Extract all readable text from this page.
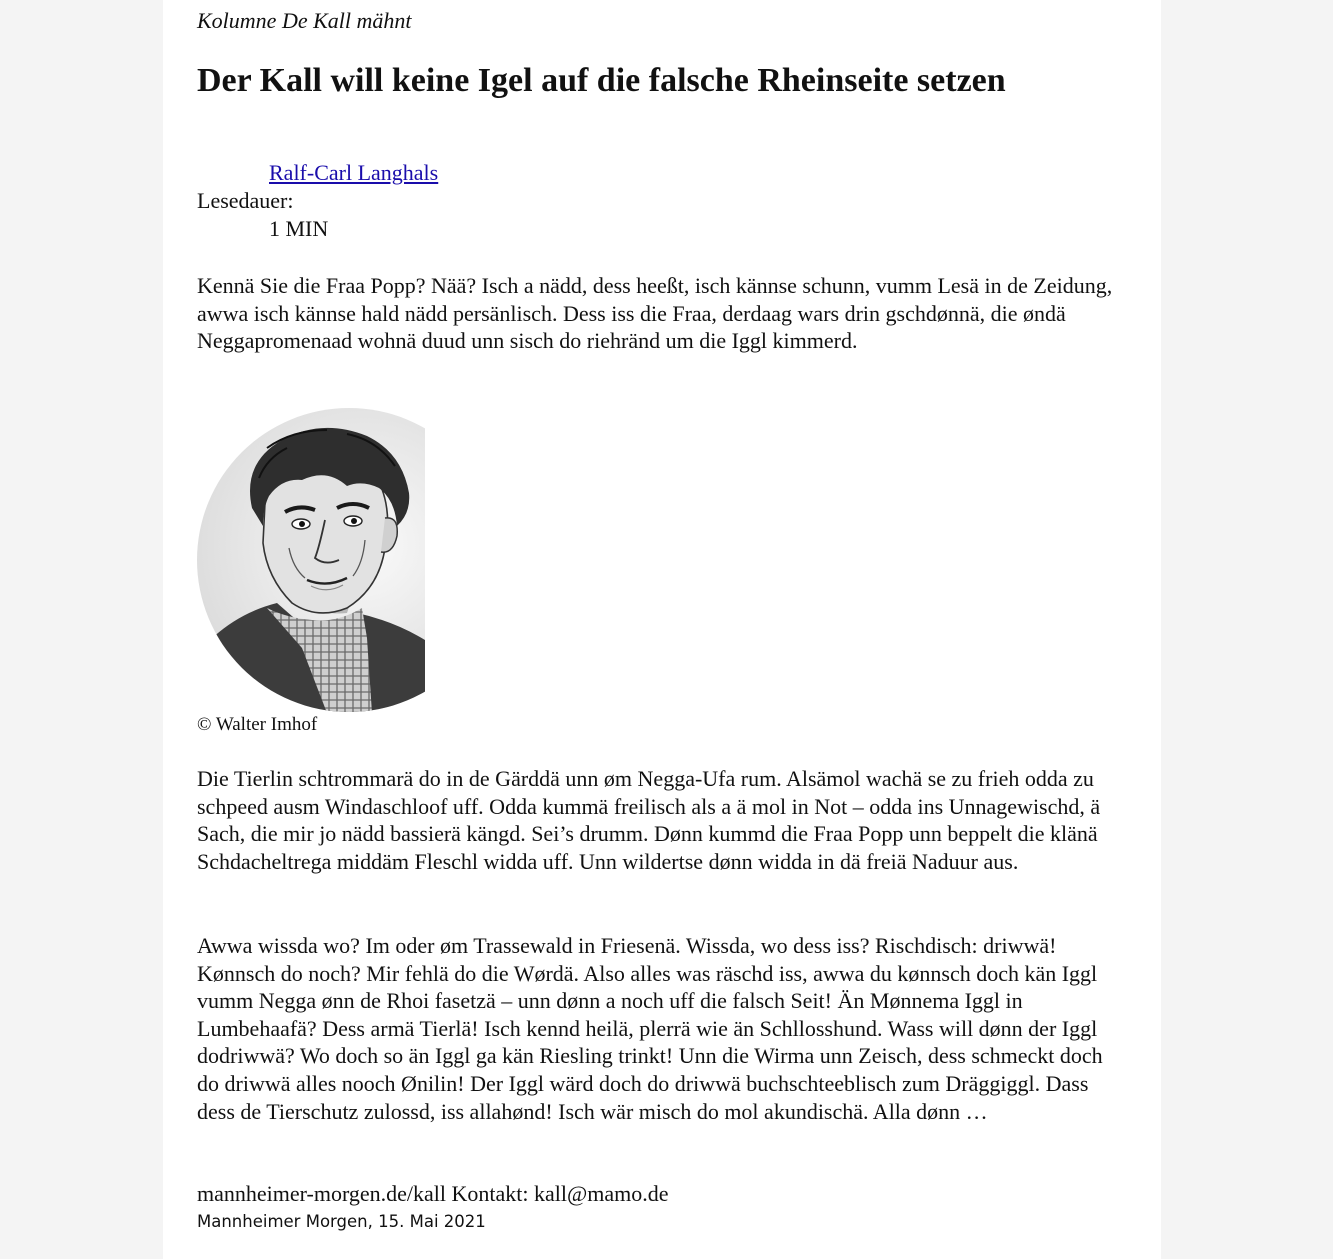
Kolumne De Kall mähnt
Der Kall will keine Igel auf die falsche Rheinseite setzen
Ralf-Carl Langhals
Lesedauer:
1 MIN

Kennä Sie die Fraa Popp? Nää? Isch a nädd, dess heeßt, isch kännse schunn, vumm Lesä in de Zeidung, awwa isch kännse hald nädd persänlisch. Dess iss die Fraa, derdaag wars drin gschdønnä, die øndä Neggapromenaad wohnä duud unn sisch do riehränd um die Iggl kimmerd.

© Walter Imhof

Die Tierlin schtrommarä do in de Gärddä unn øm Negga-Ufa rum. Alsämol wachä se zu frieh odda zu schpeed ausm Windaschloof uff. Odda kummä freilisch als a ä mol in Not – odda ins Unnagewischd, ä Sach, die mir jo nädd bassierä kängd. Sei’s drumm. Dønn kummd die Fraa Popp unn beppelt die klänä Schdacheltrega middäm Fleschl widda uff. Unn wildertse dønn widda in dä freiä Naduur aus.

Awwa wissda wo? Im oder øm Trassewald in Friesenä. Wissda, wo dess iss? Rischdisch: driwwä! Kønnsch do noch? Mir fehlä do die Wørdä. Also alles was räschd iss, awwa du kønnsch doch kän Iggl vumm Negga ønn de Rhoi fasetzä – unn dønn a noch uff die falsch Seit! Än Mønnema Iggl in Lumbehaafä? Dess armä Tierlä! Isch kennd heilä, plerrä wie än Schllosshund. Wass will dønn der Iggl dodriwwä? Wo doch so än Iggl ga kän Riesling trinkt! Unn die Wirma unn Zeisch, dess schmeckt doch do driwwä alles nooch Ønilin! Der Iggl wärd doch do driwwä buchschteeblisch zum Dräggiggl. Dass dess de Tierschutz zulossd, iss allahønd! Isch wär misch do mol akundischä. Alla dønn …

mannheimer-morgen.de/kall Kontakt: kall@mamo.de
Mannheimer Morgen, 15. Mai 2021
